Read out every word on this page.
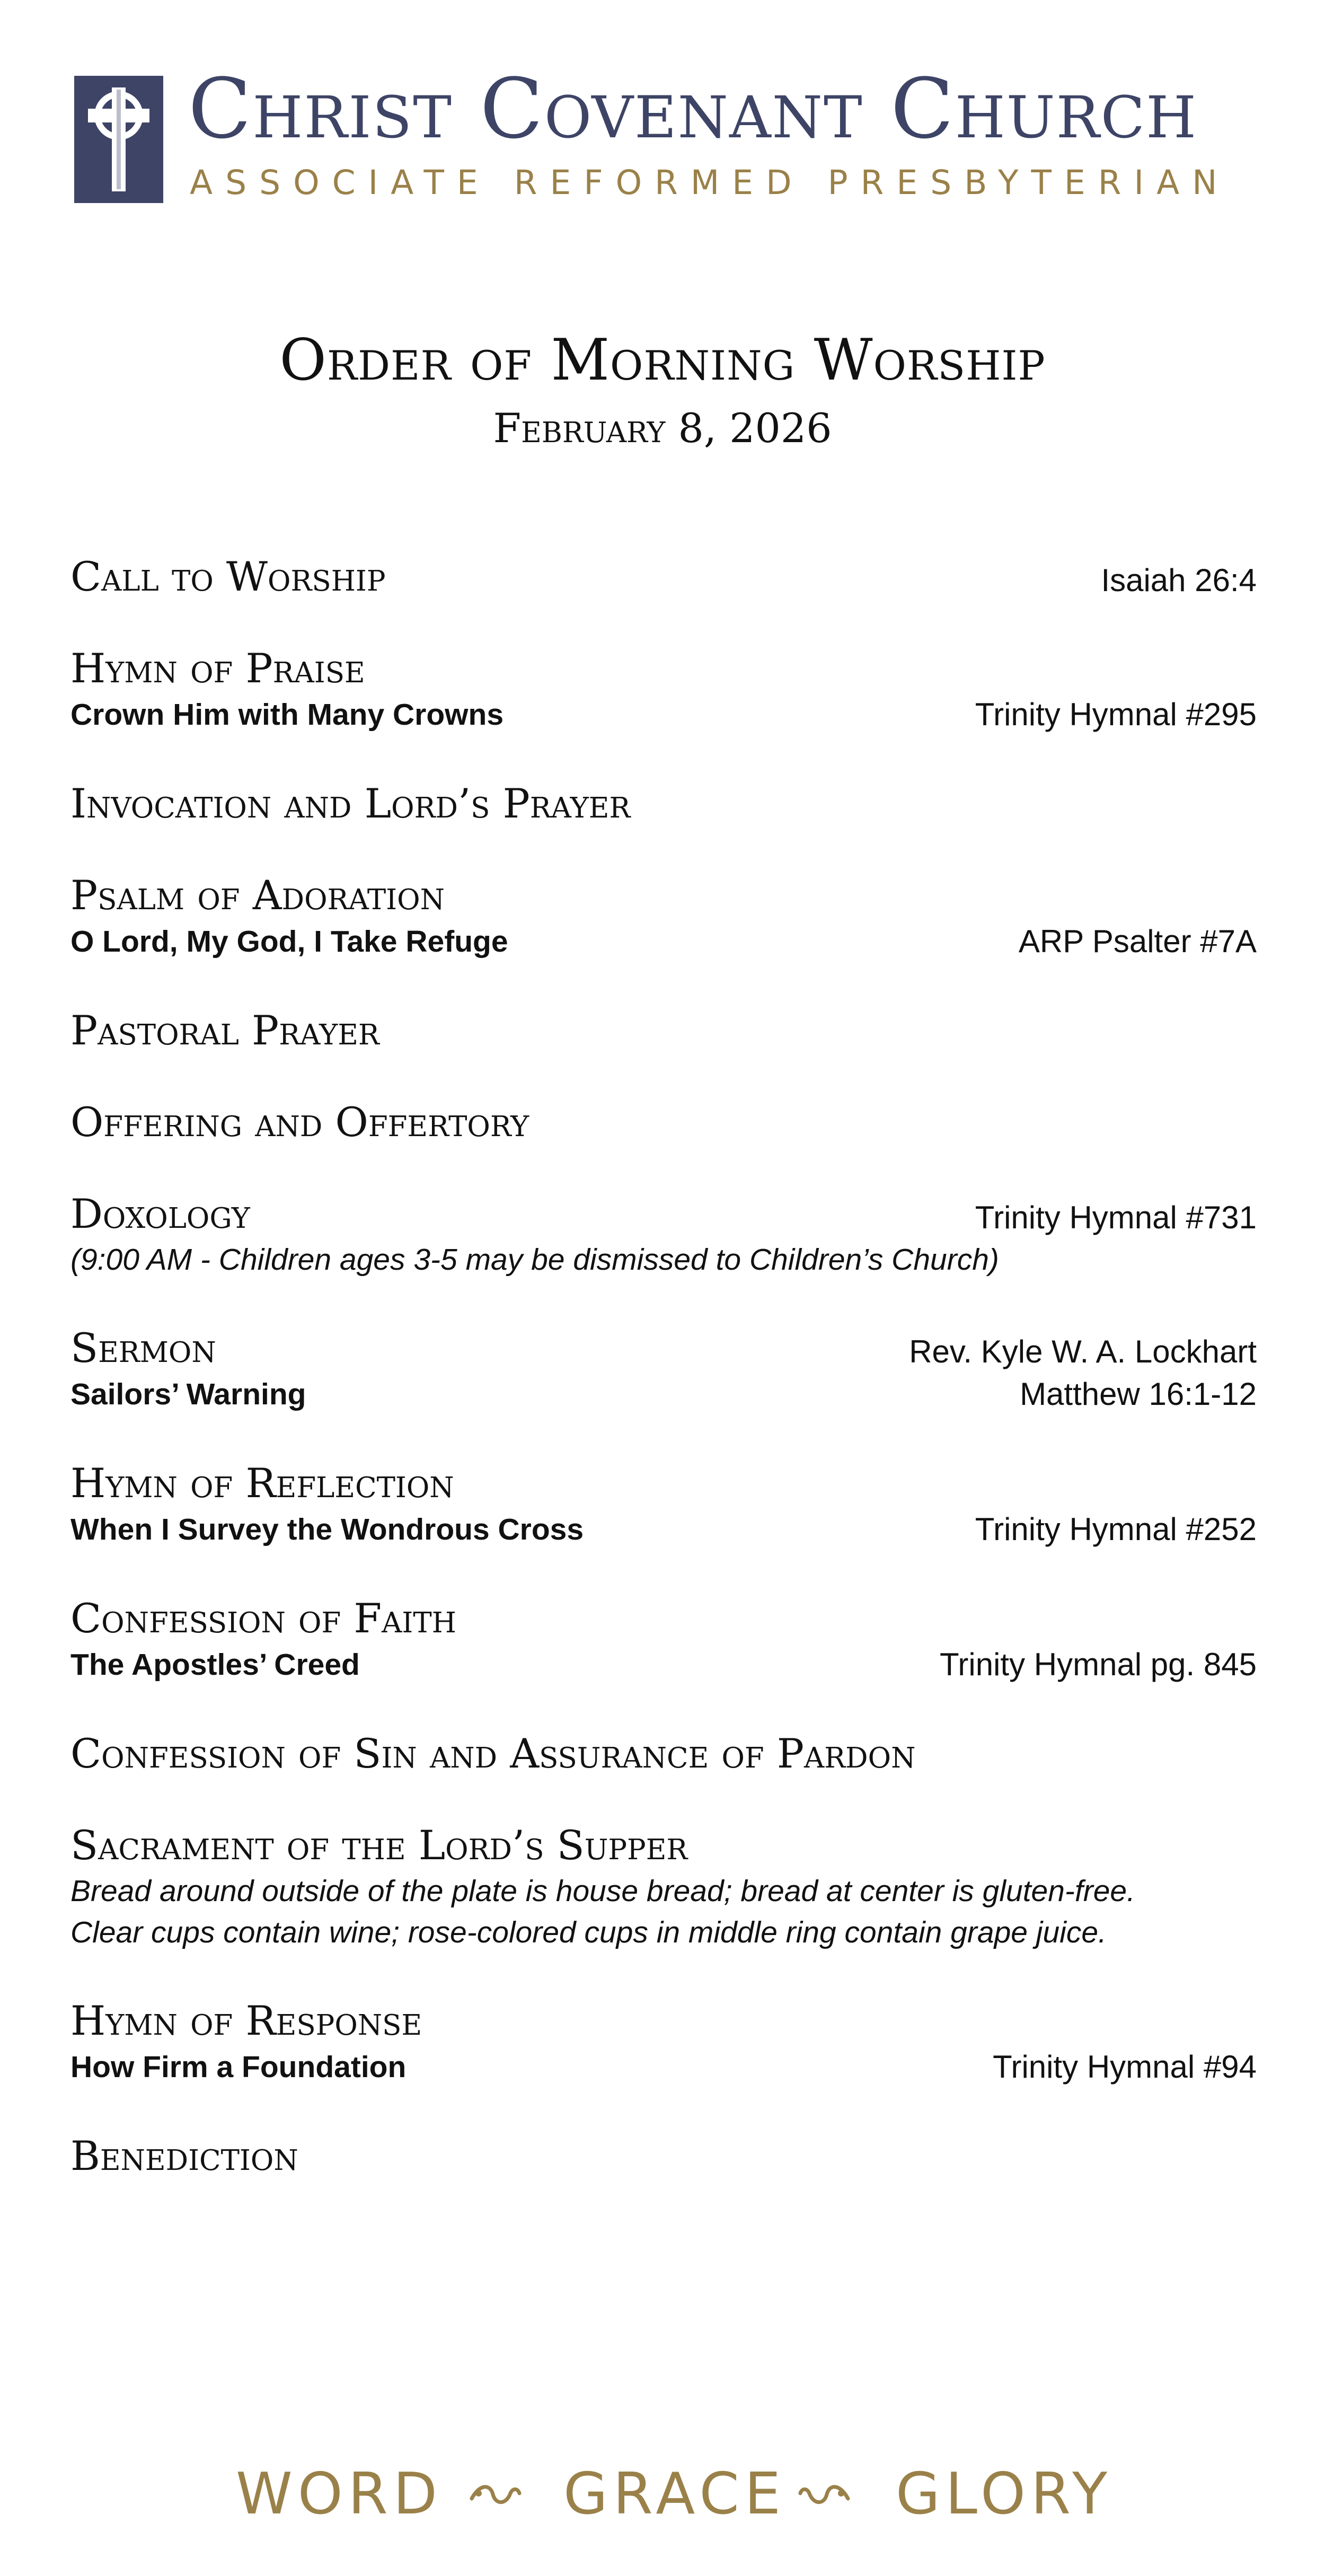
Christ Covenant Church
ASSOCIATE REFORMED PRESBYTERIAN
Order of Morning Worship
February 8, 2026
Call to Worship	Isaiah 26:4
Hymn of Praise
Crown Him with Many Crowns	Trinity Hymnal #295
Invocation and Lord’s Prayer
Psalm of Adoration
O Lord, My God, I Take Refuge	ARP Psalter #7A
Pastoral Prayer
Offering and Offertory
Doxology	Trinity Hymnal #731
(9:00 AM - Children ages 3-5 may be dismissed to Children’s Church)
Sermon	Rev. Kyle W. A. Lockhart
Sailors’ Warning	Matthew 16:1-12
Hymn of Reflection
When I Survey the Wondrous Cross	Trinity Hymnal #252
Confession of Faith
The Apostles’ Creed	Trinity Hymnal pg. 845
Confession of Sin and Assurance of Pardon
Sacrament of the Lord’s Supper
Bread around outside of the plate is house bread; bread at center is gluten-free.
Clear cups contain wine; rose-colored cups in middle ring contain grape juice.
Hymn of Response
How Firm a Foundation	Trinity Hymnal #94
Benediction
WORD GRACE GLORY
